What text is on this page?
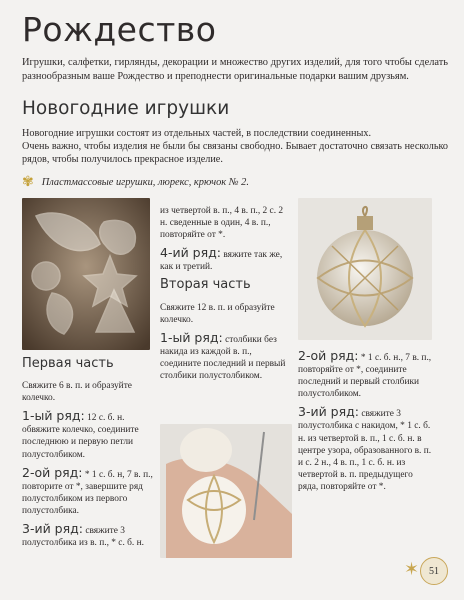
Рождество

Игрушки, салфетки, гирлянды, декорации и множество других изделий, для того чтобы сделать разнообразным ваше Рождество и преподнести оригинальные подарки вашим друзьям.

Новогодние игрушки
Новогодние игрушки состоят из отдельных частей, в последствии соединенных.
Очень важно, чтобы изделия не были бы связаны свободно. Бывает достаточно связать несколько рядов, чтобы получилось прекрасное изделие.
✾ Пластмассовые игрушки, люрекс, крючок № 2.
Первая часть

Свяжите 6 в. п. и образуйте колечко.

1-ый ряд: 12 с. б. н. обвяжите колечко, соедините последнюю и первую петли полустолбиком.

2-ой ряд: * 1 с. б. н, 7 в. п., повторите от *, завершите ряд полустолбиком из первого полустолбика.

3-ий ряд: свяжите 3 полустолбика из в. п., * с. б. н.

из четвертой в. п., 4 в. п., 2 с. 2 н. сведенные в один, 4 в. п., повторяйте от *.

4-ий ряд: вяжите так же, как и третий.

Вторая часть

Свяжите 12 в. п. и образуйте колечко.

1-ый ряд: столбики без накида из каждой в. п., соедините последний и первый столбики полустолбиком.

2-ой ряд: * 1 с. б. н., 7 в. п., повторяйте от *, соедините последний и первый столбики полустолбиком.

3-ий ряд: свяжите 3 полустолбика с накидом, * 1 с. б. н. из четвертой в. п., 1 с. б. н. в центре узора, образованного в. п. и с. 2 н., 4 в. п., 1 с. б. н. из четвертой в. п. предыдущего ряда, повторяйте от *.

✶ 51
